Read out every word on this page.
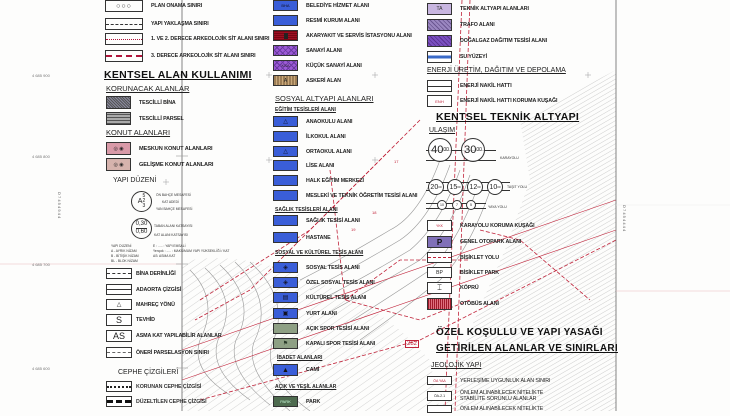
4 685 900
4 685 800
4 685 700
4 685 600
D 7 4 5 4 9 4 4	D 7 4 5 4 4 4 4
17
18
19
282
○○○	PLAN ONAMA SINIRI
YAPI YAKLAŞMA SINIRI
1. VE 2. DERECE ARKEOLOJİK SİT ALANI SINIRI
3. DERECE ARKEOLOJİK SİT ALANI SINIRI
KENTSEL ALAN KULLANIMI
KORUNACAK ALANLAR
TESCİLLİ BİNA
TESCİLLİ PARSEL
KONUT ALANLARI
◎ ◉	MESKUN KONUT ALANLARI
◎ ◉	GELİŞME KONUT ALANLARI
YAPI DÜZENİ
A
5
2
3
ÖN BAHÇE MESAFESİ
KAT ADEDİ
YAN BAHÇE MESAFESİ
0,30
0,60
TABAN ALANI KATSAYISI
KAT ALANI KATSAYISI
YAPI DÜZENİ
A - AYRIK NİZAM
B - BİTİŞİK NİZAM
BL - BLOK NİZAM
E : ..... : YAPI EMSALİ
Yençok : ..... : MAKSİMUM YAPI YÜKSEKLİĞİ / KAT
AS: ASMA KAT
BİNA DERİNLİĞİ
ADAORTA ÇİZGİSİ
△	MAHREÇ YÖNÜ
S	TEVHİD
AS	ASMA KAT YAPILABİLİR ALANLAR
ÖNERİ PARSELASYON SINIRI
CEPHE ÇİZGİLERİ
KORUNAN CEPHE ÇİZGİSİ
DÜZELTİLEN CEPHE ÇİZGİSİ
BHA	BELEDİYE HİZMET ALANI
RESMİ KURUM ALANI
AKARYAKIT VE SERVİS İSTASYONU ALANI
SANAYİ ALANI
KSA	KÜÇÜK SANAYİ ALANI
A	ASKERİ ALAN
SOSYAL ALTYAPI ALANLARI
EĞİTİM TESİSLERİ ALANI
△	ANAOKULU ALANI
İLKOKUL ALANI
△	ORTAOKUL ALANI
LİSE ALANI
HALK EĞİTİM MERKEZİ
MESLEKİ VE TEKNİK ÖĞRETİM TESİSİ ALANI
SAĞLIK TESİSLERİ ALANI
SAĞLIK TESİSİ ALANI
HASTANE
SOSYAL VE KÜLTÜREL TESİS ALANI
◈	SOSYAL TESİS ALANI
◈	ÖZEL SOSYAL TESİS ALANI
▤	KÜLTÜREL TESİS ALANI
▣	YURT ALANI
AÇIK SPOR TESİSİ ALANI
⚑	KAPALI SPOR TESİSİ ALANI
İBADET ALANLARI
▲	CAMİ
AÇIK VE YEŞİL ALANLAR
PARK	PARK
TA	TEKNİK ALTYAPI ALANLARI
TRAFO ALANI
DOĞALGAZ DAĞITIM TESİSİ ALANI
SU YÜZEYİ
ENERJİ ÜRETİM, DAĞITIM VE DEPOLAMA
ENERJİ NAKİL HATTI
ENH	ENERJİ NAKİL HATTI KORUMA KUŞAĞI
KENTSEL TEKNİK ALTYAPI
ULAŞIM
40 00 30 00
KARAYOLU
20 00 15 00 12 00 10 00 TAŞIT YOLU
10	7	5	YAYA YOLU
YKK	KARAYOLU KORUMA KUŞAĞI
P	GENEL OTOPARK ALANI
BİSİKLET YOLU
BP	BİSİKLET PARK
⌶	KÖPRÜ
OTOBÜS ALANI
ÖZEL KOŞULLU VE YAPI YASAĞI
GETİRİLEN ALANLAR VE SINIRLARI
JEOLOJİK YAPI
ÖA YAA	YERLEŞİME UYGUNLUK ALAN SINIRI
ÖA-2.1	ÖNLEM ALINABİLECEK NİTELİKTE
STABİLİTE SORUNLU ALANLAR
ÖNLEM ALINABİLECEK NİTELİKTE
